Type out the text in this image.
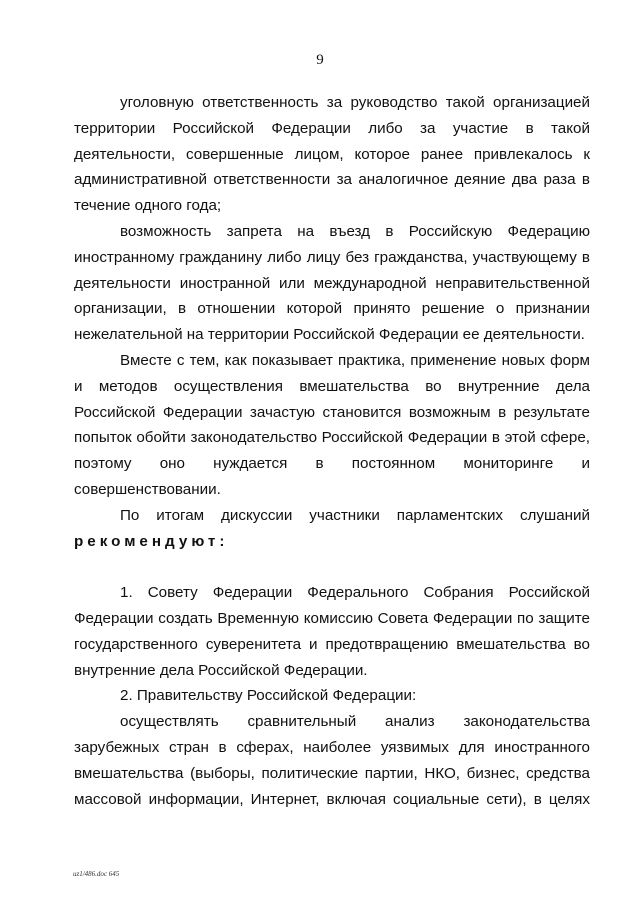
9
уголовную ответственность за руководство такой организацией
территории Российской Федерации либо за участие в такой
деятельности, совершенные лицом, которое ранее привлекалось к
административной ответственности за аналогичное деяние два раза в
течение одного года;
возможность запрета на въезд в Российскую Федерацию
иностранному гражданину либо лицу без гражданства, участвующему в
деятельности иностранной или международной неправительственной
организации, в отношении которой принято решение о признании
нежелательной на территории Российской Федерации ее деятельности.
Вместе с тем, как показывает практика, применение новых форм
и методов осуществления вмешательства во внутренние дела
Российской Федерации зачастую становится возможным в результате
попыток обойти законодательство Российской Федерации в этой сфере,
поэтому оно нуждается в постоянном мониторинге и
совершенствовании.
По итогам дискуссии участники парламентских слушаний
рекомендуют:
1. Совету Федерации Федерального Собрания Российской
Федерации создать Временную комиссию Совета Федерации по защите
государственного суверенитета и предотвращению вмешательства во
внутренние дела Российской Федерации.
2. Правительству Российской Федерации:
осуществлять сравнительный анализ законодательства
зарубежных стран в сферах, наиболее уязвимых для иностранного
вмешательства (выборы, политические партии, НКО, бизнес, средства
массовой информации, Интернет, включая социальные сети), в целях
uz1/486.doc 645
